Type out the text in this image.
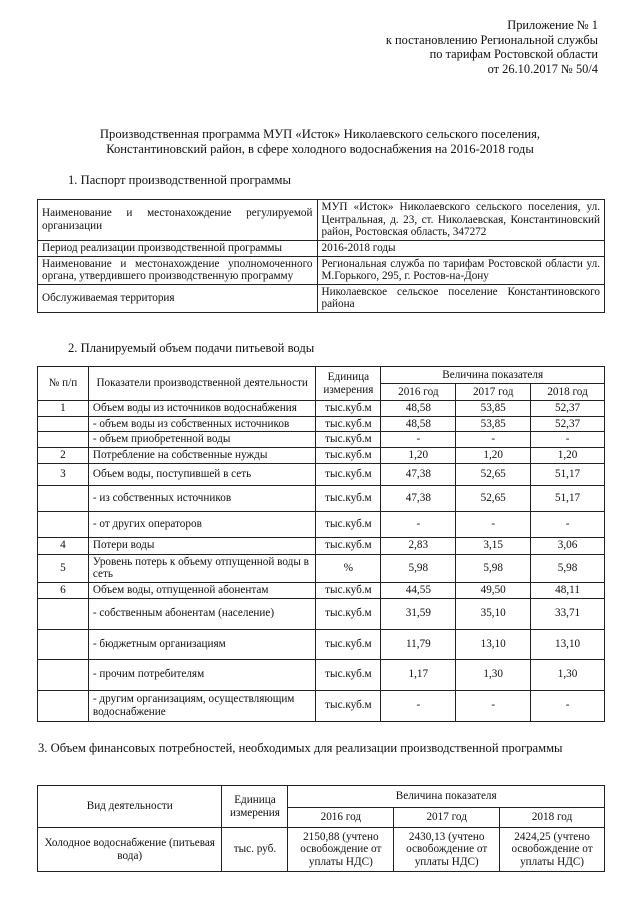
Приложение № 1
к постановлению Региональной службы
по тарифам Ростовской области
от 26.10.2017 № 50/4
Производственная программа МУП «Исток» Николаевского сельского поселения,
Константиновский район, в сфере холодного водоснабжения на 2016-2018 годы
1. Паспорт производственной программы
Наименование и местонахождение регулируемой организации	МУП «Исток» Николаевского сельского поселения, ул. Центральная, д. 23, ст. Николаевская, Константиновский район, Ростовская область, 347272
Период реализации производственной программы	2016-2018 годы
Наименование и местонахождение уполномоченного органа, утвердившего производственную программу	Региональная служба по тарифам Ростовской области ул. М.Горького, 295, г. Ростов-на-Дону
Обслуживаемая территория	Николаевское сельское поселение Константиновского района
2. Планируемый объем подачи питьевой воды
№ п/п	Показатели производственной деятельности	Единица измерения	Величина показателя		
			2016 год	2017 год	2018 год
1	Объем воды из источников водоснабжения	тыс.куб.м	48,58	53,85	52,37
	- объем воды из собственных источников	тыс.куб.м	48,58	53,85	52,37
	- объем приобретенной воды	тыс.куб.м	-	-	-
2	Потребление на собственные нужды	тыс.куб.м	1,20	1,20	1,20
3	Объем воды, поступившей в сеть	тыс.куб.м	47,38	52,65	51,17
	- из собственных источников	тыс.куб.м	47,38	52,65	51,17
	- от других операторов	тыс.куб.м	-	-	-
4	Потери воды	тыс.куб.м	2,83	3,15	3,06
5	Уровень потерь к объему отпущенной воды в сеть	%	5,98	5,98	5,98
6	Объем воды, отпущенной абонентам	тыс.куб.м	44,55	49,50	48,11
	- собственным абонентам (население)	тыс.куб.м	31,59	35,10	33,71
	- бюджетным организациям	тыс.куб.м	11,79	13,10	13,10
	- прочим потребителям	тыс.куб.м	1,17	1,30	1,30
	- другим организациям, осуществляющим водоснабжение	тыс.куб.м	-	-	-
3. Объем финансовых потребностей, необходимых для реализации производственной программы
Вид деятельности	Единица измерения	Величина показателя		
		2016 год	2017 год	2018 год
Холодное водоснабжение (питьевая вода)	тыс. руб.	2150,88 (учтено освобождение от уплаты НДС)	2430,13 (учтено освобождение от уплаты НДС)	2424,25 (учтено освобождение от уплаты НДС)
